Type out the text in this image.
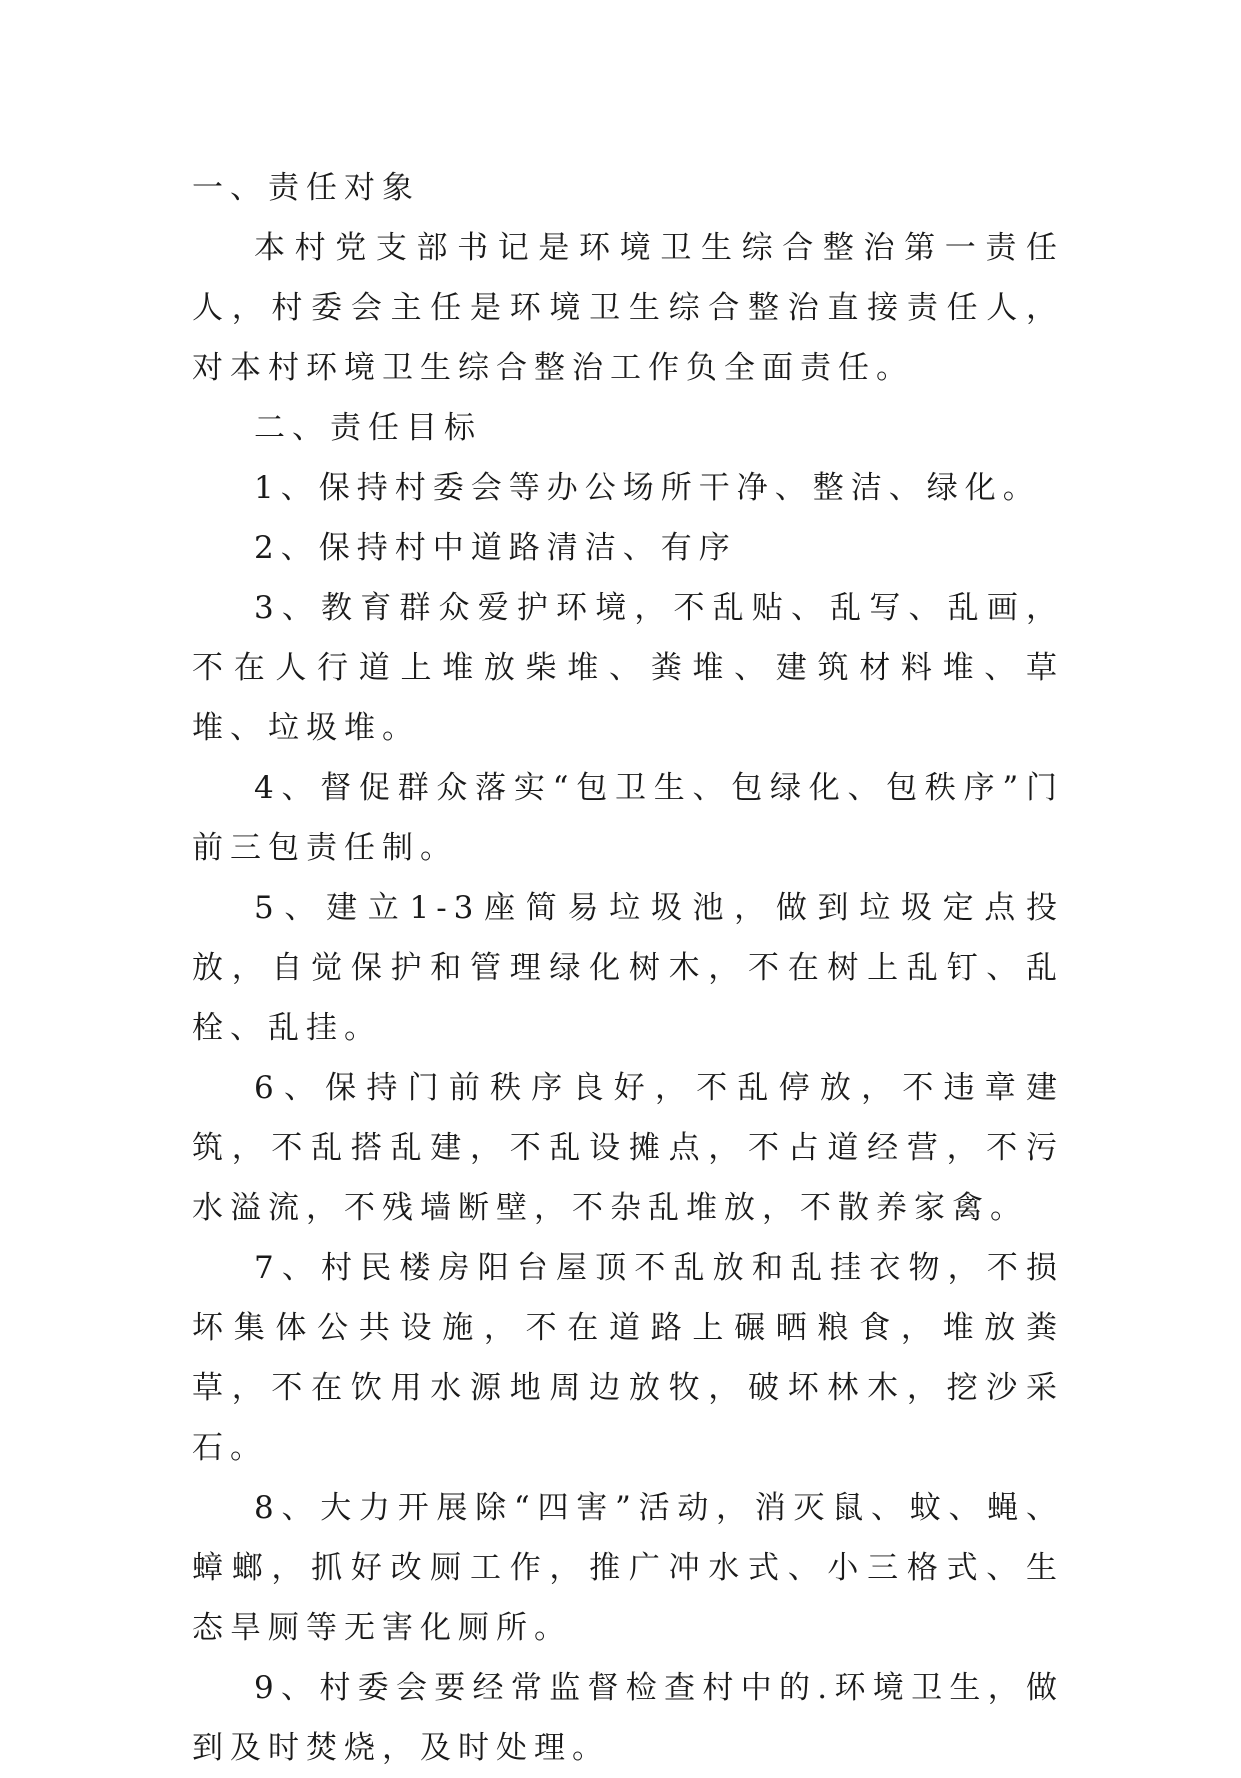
一、责任对象

本村党支部书记是环境卫生综合整治第一责任人，村委会主任是环境卫生综合整治直接责任人，对本村环境卫生综合整治工作负全面责任。

二、责任目标

1、保持村委会等办公场所干净、整洁、绿化。

2、保持村中道路清洁、有序

3、教育群众爱护环境，不乱贴、乱写、乱画，不在人行道上堆放柴堆、粪堆、建筑材料堆、草堆、垃圾堆。

4、督促群众落实“包卫生、包绿化、包秩序”门前三包责任制。

5、建立1-3座简易垃圾池，做到垃圾定点投放，自觉保护和管理绿化树木，不在树上乱钉、乱栓、乱挂。

6、保持门前秩序良好，不乱停放，不违章建筑，不乱搭乱建，不乱设摊点，不占道经营，不污水溢流，不残墙断壁，不杂乱堆放，不散养家禽。

7、村民楼房阳台屋顶不乱放和乱挂衣物，不损坏集体公共设施，不在道路上碾晒粮食，堆放粪草，不在饮用水源地周边放牧，破坏林木，挖沙采石。

8、大力开展除“四害”活动，消灭鼠、蚊、蝇、蟑螂，抓好改厕工作，推广冲水式、小三格式、生态旱厕等无害化厕所。

9、村委会要经常监督检查村中的.环境卫生，做到及时焚烧，及时处理。
